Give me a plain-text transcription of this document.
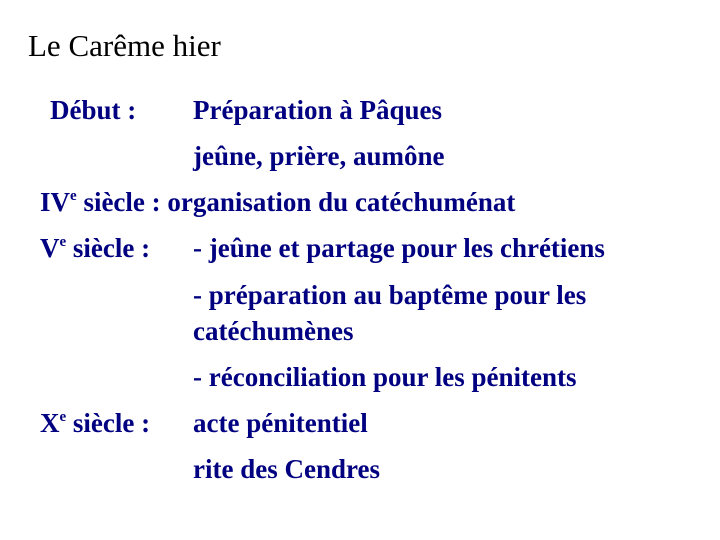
Le Carême hier
Début : Préparation à Pâques
jeûne, prière, aumône
IVe siècle : organisation du catéchuménat
Ve siècle : - jeûne et partage pour les chrétiens
- préparation au baptême pour les
catéchumènes
- réconciliation pour les pénitents
Xe siècle : acte pénitentiel
rite des Cendres
